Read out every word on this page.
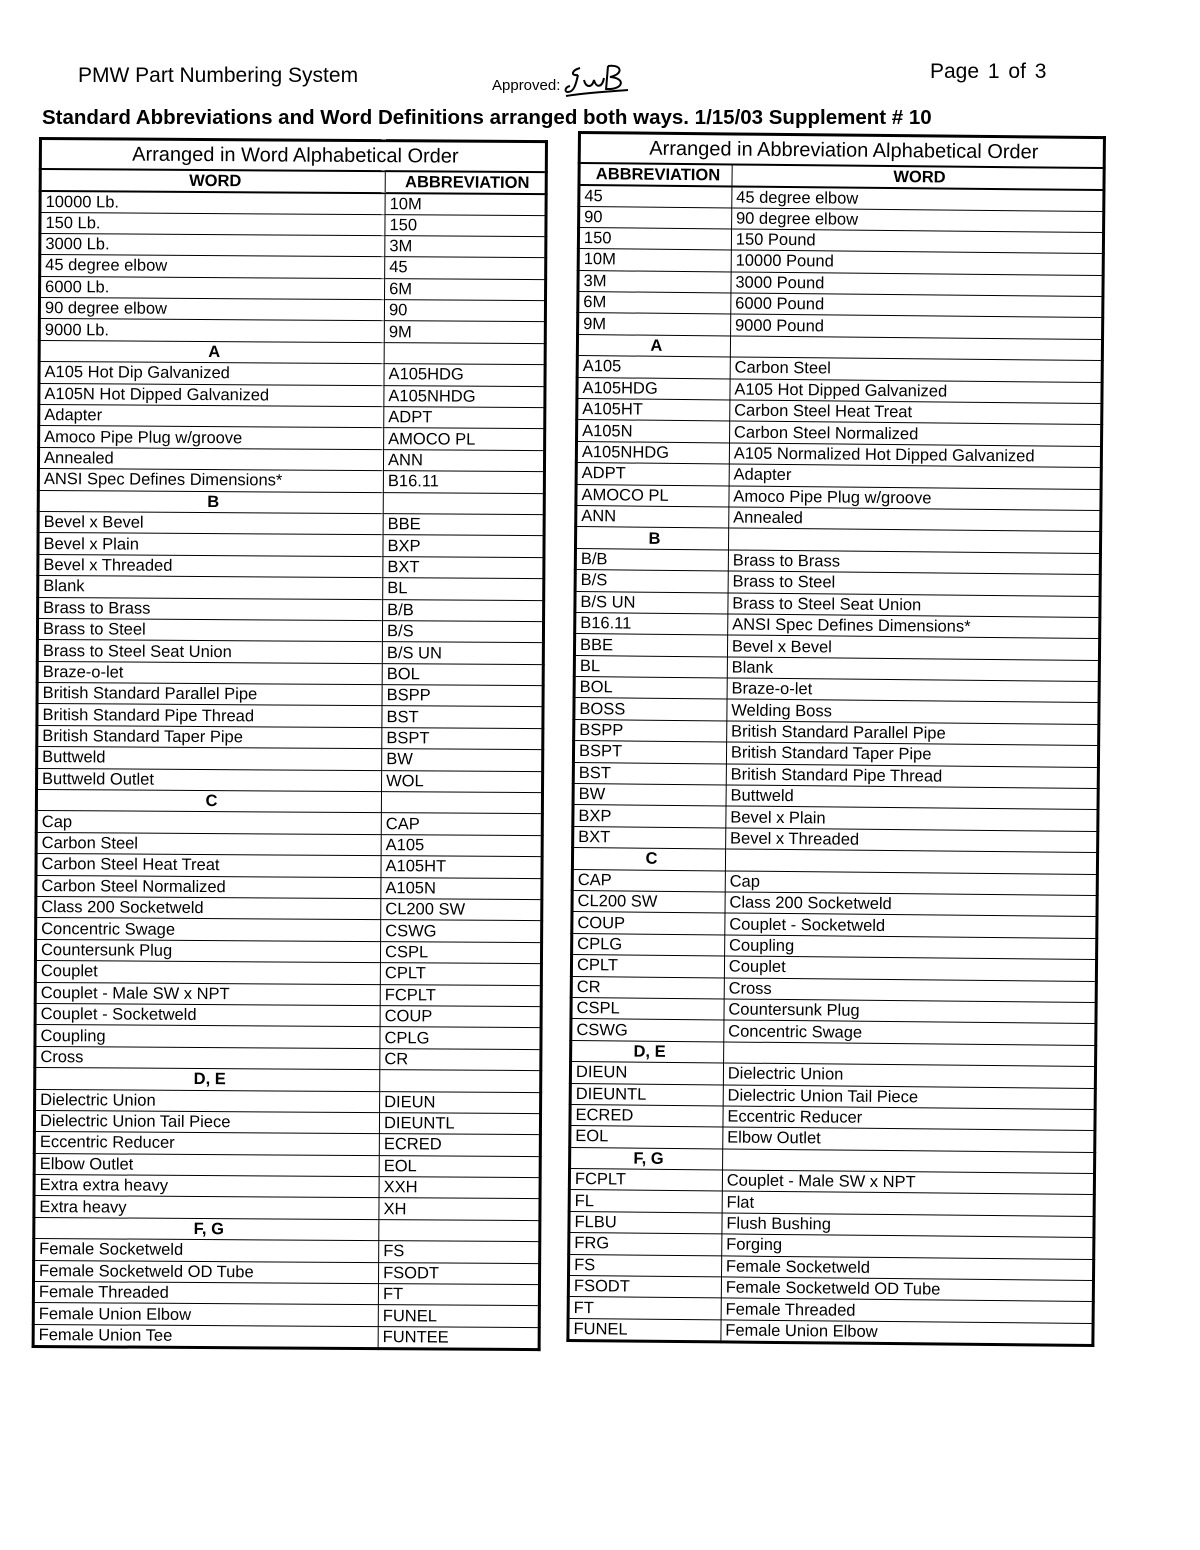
PMW Part Numbering System	Approved:
Page 1 of 3
Standard Abbreviations and Word Definitions arranged both ways. 1/15/03 Supplement # 10
Arranged in Word Alphabetical Order	
WORD	ABBREVIATION
10000 Lb.	10M
150 Lb.	150
3000 Lb.	3M
45 degree elbow	45
6000 Lb.	6M
90 degree elbow	90
9000 Lb.	9M
A	
A105 Hot Dip Galvanized	A105HDG
A105N Hot Dipped Galvanized	A105NHDG
Adapter	ADPT
Amoco Pipe Plug w/groove	AMOCO PL
Annealed	ANN
ANSI Spec Defines Dimensions*	B16.11
B	
Bevel x Bevel	BBE
Bevel x Plain	BXP
Bevel x Threaded	BXT
Blank	BL
Brass to Brass	B/B
Brass to Steel	B/S
Brass to Steel Seat Union	B/S UN
Braze-o-let	BOL
British Standard Parallel Pipe	BSPP
British Standard Pipe Thread	BST
British Standard Taper Pipe	BSPT
Buttweld	BW
Buttweld Outlet	WOL
C	
Cap	CAP
Carbon Steel	A105
Carbon Steel Heat Treat	A105HT
Carbon Steel Normalized	A105N
Class 200 Socketweld	CL200 SW
Concentric Swage	CSWG
Countersunk Plug	CSPL
Couplet	CPLT
Couplet - Male SW x NPT	FCPLT
Couplet - Socketweld	COUP
Coupling	CPLG
Cross	CR
D, E	
Dielectric Union	DIEUN
Dielectric Union Tail Piece	DIEUNTL
Eccentric Reducer	ECRED
Elbow Outlet	EOL
Extra extra heavy	XXH
Extra heavy	XH
F, G	
Female Socketweld	FS
Female Socketweld OD Tube	FSODT
Female Threaded	FT
Female Union Elbow	FUNEL
Female Union Tee	FUNTEE
Arranged in Abbreviation Alphabetical Order	
ABBREVIATION	WORD
45	45 degree elbow
90	90 degree elbow
150	150 Pound
10M	10000 Pound
3M	3000 Pound
6M	6000 Pound
9M	9000 Pound
A	
A105	Carbon Steel
A105HDG	A105 Hot Dipped Galvanized
A105HT	Carbon Steel Heat Treat
A105N	Carbon Steel Normalized
A105NHDG	A105 Normalized Hot Dipped Galvanized
ADPT	Adapter
AMOCO PL	Amoco Pipe Plug w/groove
ANN	Annealed
B	
B/B	Brass to Brass
B/S	Brass to Steel
B/S UN	Brass to Steel Seat Union
B16.11	ANSI Spec Defines Dimensions*
BBE	Bevel x Bevel
BL	Blank
BOL	Braze-o-let
BOSS	Welding Boss
BSPP	British Standard Parallel Pipe
BSPT	British Standard Taper Pipe
BST	British Standard Pipe Thread
BW	Buttweld
BXP	Bevel x Plain
BXT	Bevel x Threaded
C	
CAP	Cap
CL200 SW	Class 200 Socketweld
COUP	Couplet - Socketweld
CPLG	Coupling
CPLT	Couplet
CR	Cross
CSPL	Countersunk Plug
CSWG	Concentric Swage
D, E	
DIEUN	Dielectric Union
DIEUNTL	Dielectric Union Tail Piece
ECRED	Eccentric Reducer
EOL	Elbow Outlet
F, G	
FCPLT	Couplet - Male SW x NPT
FL	Flat
FLBU	Flush Bushing
FRG	Forging
FS	Female Socketweld
FSODT	Female Socketweld OD Tube
FT	Female Threaded
FUNEL	Female Union Elbow
